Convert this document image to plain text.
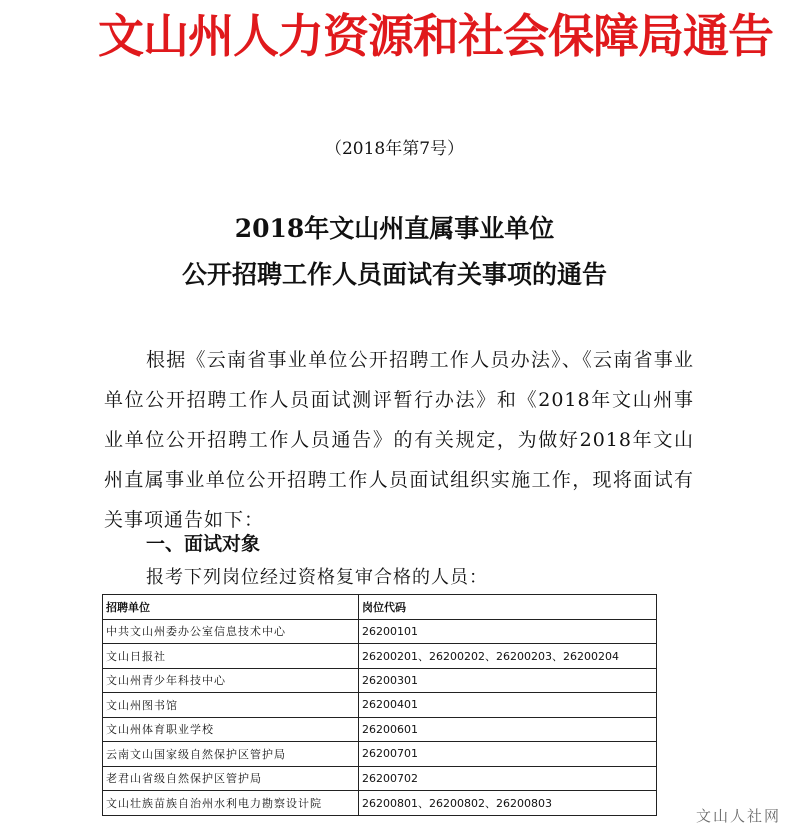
文山州人力资源和社会保障局通告
（2018年第7号）
2018年文山州直属事业单位
公开招聘工作人员面试有关事项的通告
根据《云南省事业单位公开招聘工作人员办法》、《云南省事业单位公开招聘工作人员面试测评暂行办法》和《2018年文山州事业单位公开招聘工作人员通告》的有关规定，为做好2018年文山州直属事业单位公开招聘工作人员面试组织实施工作，现将面试有关事项通告如下：
一、面试对象
报考下列岗位经过资格复审合格的人员：
招聘单位	岗位代码
中共文山州委办公室信息技术中心	26200101
文山日报社	26200201、26200202、26200203、26200204
文山州青少年科技中心	26200301
文山州图书馆	26200401
文山州体育职业学校	26200601
云南文山国家级自然保护区管护局	26200701
老君山省级自然保护区管护局	26200702
文山壮族苗族自治州水利电力勘察设计院	26200801、26200802、26200803
文山人社网
